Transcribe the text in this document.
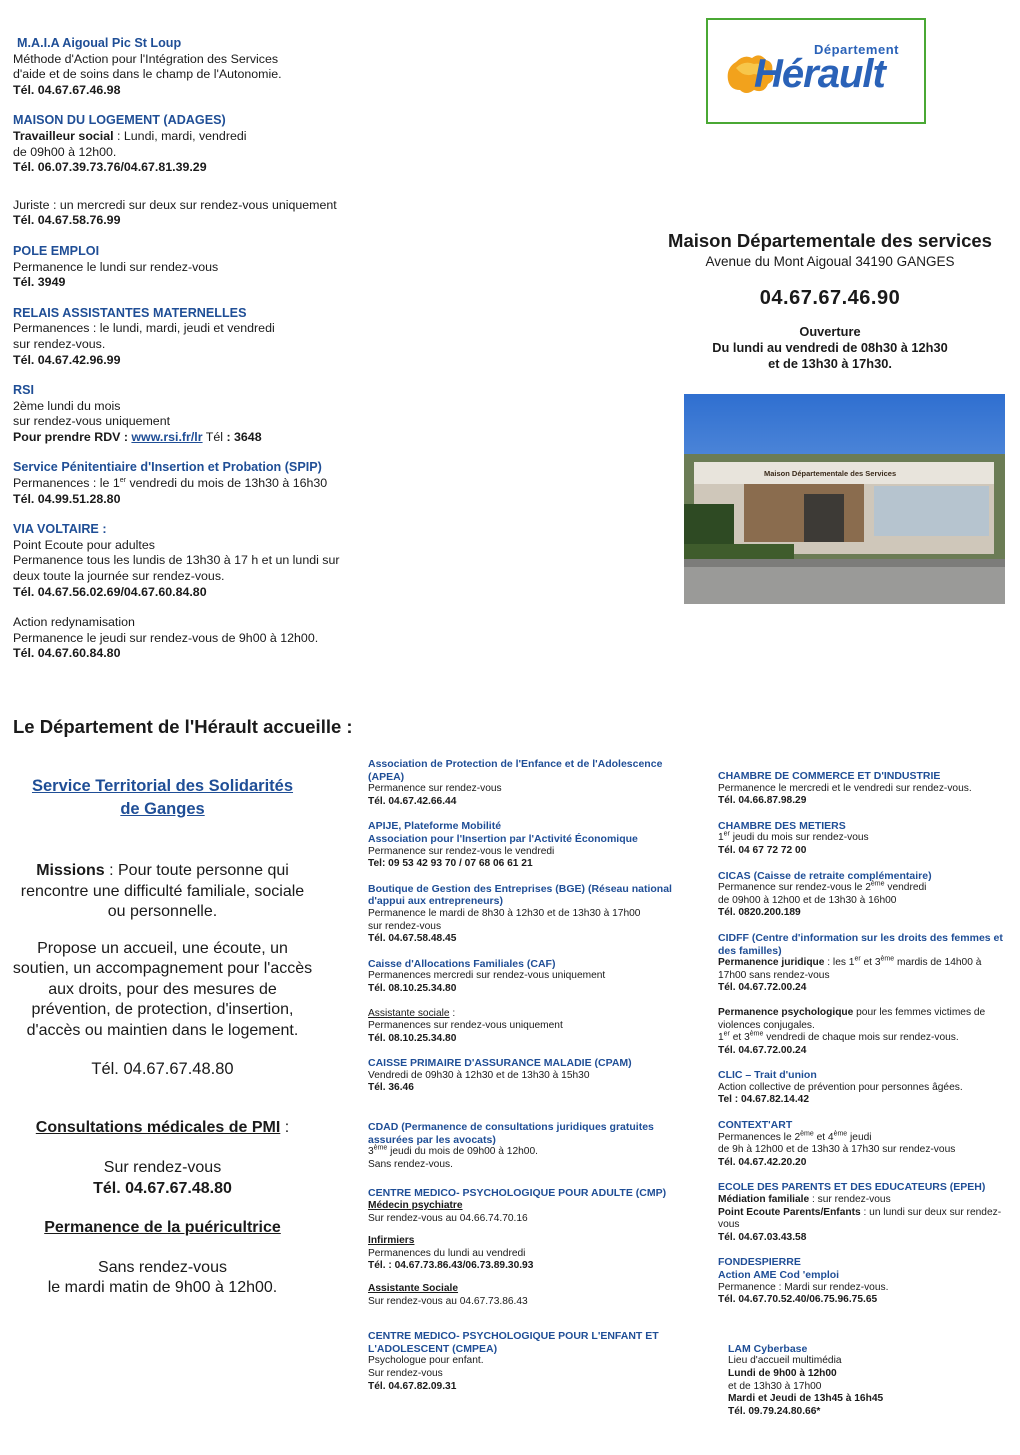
M.A.I.A Aigoual Pic St Loup
Méthode d'Action pour l'Intégration des Services
d'aide et de soins dans le champ de l'Autonomie.
Tél. 04.67.67.46.98
MAISON DU LOGEMENT (ADAGES)
Travailleur social : Lundi, mardi, vendredi
de 09h00 à 12h00.
Tél. 06.07.39.73.76/04.67.81.39.29
Juriste : un mercredi sur deux sur rendez-vous uniquement
Tél. 04.67.58.76.99
POLE EMPLOI
Permanence le lundi sur rendez-vous
Tél. 3949
RELAIS ASSISTANTES MATERNELLES
Permanences : le lundi, mardi, jeudi et vendredi
sur rendez-vous.
Tél. 04.67.42.96.99
RSI
2ème lundi du mois
sur rendez-vous uniquement
Pour prendre RDV : www.rsi.fr/lr Tél : 3648
Service Pénitentiaire d'Insertion et Probation (SPIP)
Permanences : le 1er vendredi du mois de 13h30 à 16h30
Tél. 04.99.51.28.80
VIA VOLTAIRE :
Point Ecoute pour adultes
Permanence tous les lundis de 13h30 à 17 h et un lundi sur
deux toute la journée sur rendez-vous.
Tél. 04.67.56.02.69/04.67.60.84.80
Action redynamisation
Permanence le jeudi sur rendez-vous de 9h00 à 12h00.
Tél. 04.67.60.84.80
Département
Hérault
Maison Départementale des services
Avenue du Mont Aigoual 34190 GANGES
04.67.67.46.90
Ouverture
Du lundi au vendredi de 08h30 à 12h30
et de 13h30 à 17h30.
Maison Départementale des Services
Le Département de l'Hérault accueille :
Service Territorial des Solidarités
de Ganges
Missions : Pour toute personne qui rencontre une difficulté familiale, sociale ou personnelle.
Propose un accueil, une écoute, un soutien, un accompagnement pour l'accès aux droits, pour des mesures de prévention, de protection, d'insertion, d'accès ou maintien dans le logement.
Tél. 04.67.67.48.80
Consultations médicales de PMI :
Sur rendez-vous
Tél. 04.67.67.48.80
Permanence de la puéricultrice
Sans rendez-vous
le mardi matin de 9h00 à 12h00.
Association de Protection de l'Enfance et de l'Adolescence (APEA)
Permanence sur rendez-vous
Tél. 04.67.42.66.44
APIJE, Plateforme Mobilité
Association pour l'Insertion par l'Activité Économique
Permanence sur rendez-vous le vendredi
Tel: 09 53 42 93 70 / 07 68 06 61 21
Boutique de Gestion des Entreprises (BGE) (Réseau national d'appui aux entrepreneurs)
Permanence le mardi de 8h30 à 12h30 et de 13h30 à 17h00
sur rendez-vous
Tél. 04.67.58.48.45
Caisse d'Allocations Familiales (CAF)
Permanences mercredi sur rendez-vous uniquement
Tél. 08.10.25.34.80
Assistante sociale :
Permanences sur rendez-vous uniquement
Tél. 08.10.25.34.80
CAISSE PRIMAIRE D'ASSURANCE MALADIE (CPAM)
Vendredi de 09h30 à 12h30 et de 13h30 à 15h30
Tél. 36.46
CDAD (Permanence de consultations juridiques gratuites assurées par les avocats)
3ème jeudi du mois de 09h00 à 12h00.
Sans rendez-vous.
CENTRE MEDICO- PSYCHOLOGIQUE POUR ADULTE (CMP)
Médecin psychiatre
Sur rendez-vous au 04.66.74.70.16
Infirmiers
Permanences du lundi au vendredi
Tél. : 04.67.73.86.43/06.73.89.30.93
Assistante Sociale
Sur rendez-vous au 04.67.73.86.43
CENTRE MEDICO- PSYCHOLOGIQUE POUR L'ENFANT ET L'ADOLESCENT (CMPEA)
Psychologue pour enfant.
Sur rendez-vous
Tél. 04.67.82.09.31
CHAMBRE DE COMMERCE ET D'INDUSTRIE
Permanence le mercredi et le vendredi sur rendez-vous.
Tél. 04.66.87.98.29
CHAMBRE DES METIERS
1er jeudi du mois sur rendez-vous
Tél. 04 67 72 72 00
CICAS (Caisse de retraite complémentaire)
Permanence sur rendez-vous le 2ème vendredi
de 09h00 à 12h00 et de 13h30 à 16h00
Tél. 0820.200.189
CIDFF (Centre d'information sur les droits des femmes et des familles)
Permanence juridique : les 1er et 3ème mardis de 14h00 à
17h00 sans rendez-vous
Tél. 04.67.72.00.24
Permanence psychologique pour les femmes victimes de violences conjugales.
1er et 3ème vendredi de chaque mois sur rendez-vous.
Tél. 04.67.72.00.24
CLIC – Trait d'union
Action collective de prévention pour personnes âgées.
Tel : 04.67.82.14.42
CONTEXT'ART
Permanences le 2ème et 4ème jeudi
de 9h à 12h00 et de 13h30 à 17h30 sur rendez-vous
Tél. 04.67.42.20.20
ECOLE DES PARENTS ET DES EDUCATEURS (EPEH)
Médiation familiale : sur rendez-vous
Point Ecoute Parents/Enfants : un lundi sur deux sur rendez-vous
Tél. 04.67.03.43.58
FONDESPIERRE
Action AME Cod 'emploi
Permanence : Mardi sur rendez-vous.
Tél. 04.67.70.52.40/06.75.96.75.65
LAM Cyberbase
Lieu d'accueil multimédia
Lundi de 9h00 à 12h00
et de 13h30 à 17h00
Mardi et Jeudi de 13h45 à 16h45
Tél. 09.79.24.80.66*
